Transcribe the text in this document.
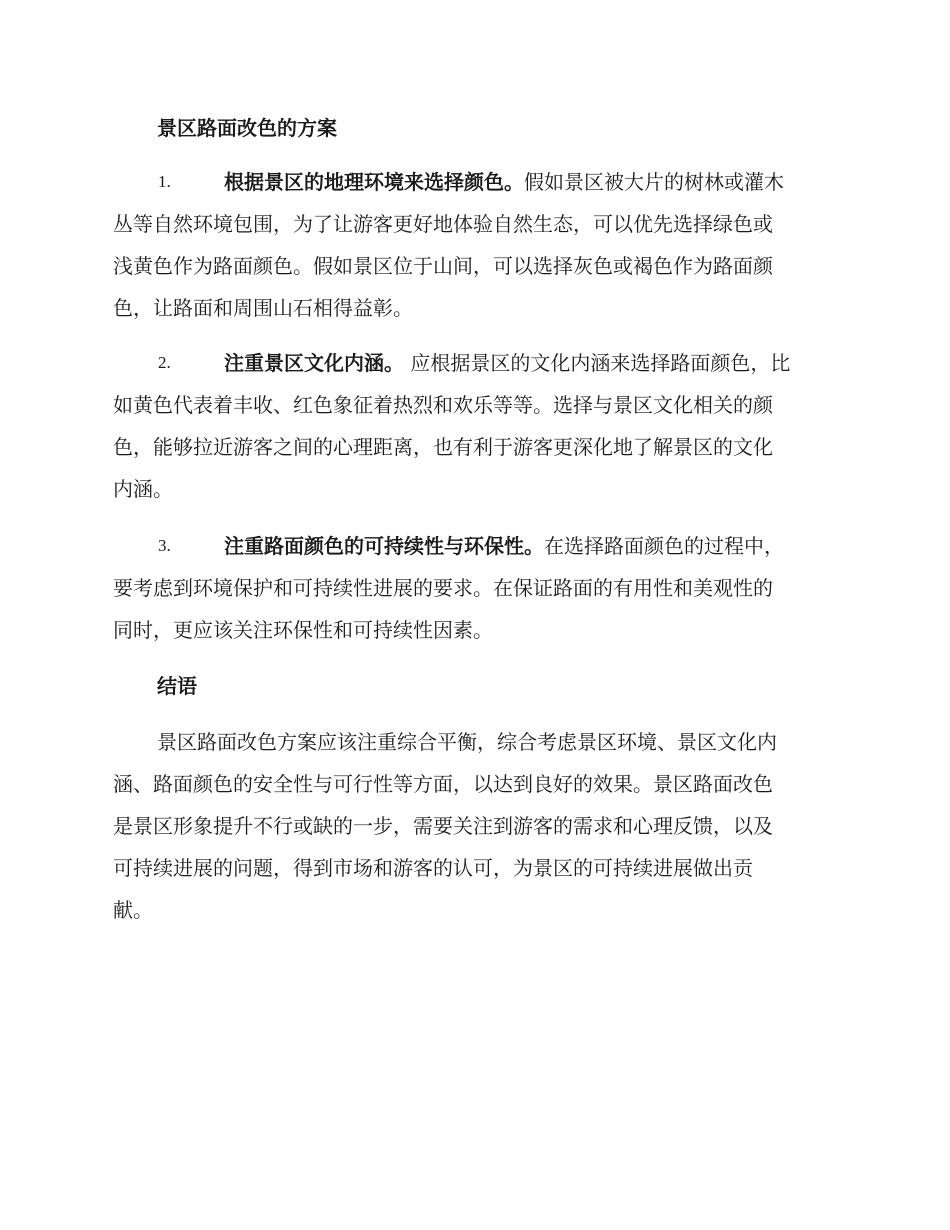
景区路面改色的方案
1.	根据景区的地理环境来选择颜色。假如景区被大片的树林或灌木
丛等自然环境包围，为了让游客更好地体验自然生态，可以优先选择绿色或
浅黄色作为路面颜色。假如景区位于山间，可以选择灰色或褐色作为路面颜
色，让路面和周围山石相得益彰。
2.	注重景区文化内涵。 应根据景区的文化内涵来选择路面颜色，比
如黄色代表着丰收、红色象征着热烈和欢乐等等。选择与景区文化相关的颜
色，能够拉近游客之间的心理距离，也有利于游客更深化地了解景区的文化
内涵。
3.	注重路面颜色的可持续性与环保性。在选择路面颜色的过程中，
要考虑到环境保护和可持续性进展的要求。在保证路面的有用性和美观性的
同时，更应该关注环保性和可持续性因素。
结语
景区路面改色方案应该注重综合平衡，综合考虑景区环境、景区文化内
涵、路面颜色的安全性与可行性等方面，以达到良好的效果。景区路面改色
是景区形象提升不行或缺的一步，需要关注到游客的需求和心理反馈，以及
可持续进展的问题，得到市场和游客的认可，为景区的可持续进展做出贡
献。
